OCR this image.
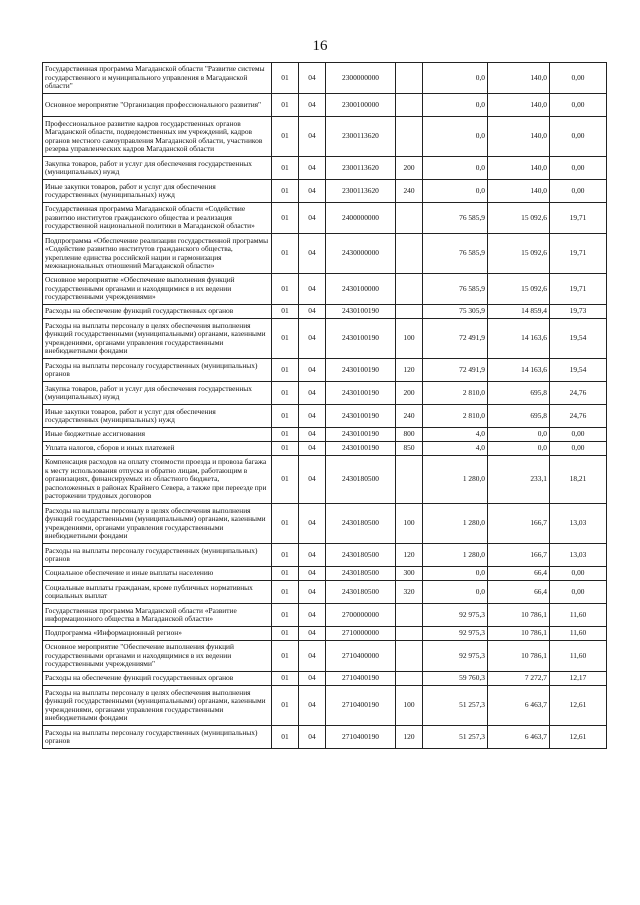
16
Государственная программа Магаданской области "Развитие системы государственного и муниципального управления в Магаданской области"	01	04	2300000000		0,0	140,0	0,00
Основное мероприятие "Организация профессионального развития"	01	04	2300100000		0,0	140,0	0,00
Профессиональное развитие кадров государственных органов Магаданской области, подведомственных им учреждений, кадров органов местного самоуправления Магаданской области, участников резерва управленческих кадров Магаданской области	01	04	2300113620		0,0	140,0	0,00
Закупка товаров, работ и услуг для обеспечения государственных (муниципальных) нужд	01	04	2300113620	200	0,0	140,0	0,00
Иные закупки товаров, работ и услуг для обеспечения государственных (муниципальных) нужд	01	04	2300113620	240	0,0	140,0	0,00
Государственная программа Магаданской области «Содействие развитию институтов гражданского общества и реализация государственной национальной политики в Магаданской области»	01	04	2400000000		76 585,9	15 092,6	19,71
Подпрограмма «Обеспечение реализации государственной программы «Содействие развитию институтов гражданского общества, укрепление единства российской нации и гармонизация межнациональных отношений Магаданской области»	01	04	2430000000		76 585,9	15 092,6	19,71
Основное мероприятие «Обеспечение выполнения функций государственными органами и находящимися в их ведении государственными учреждениями»	01	04	2430100000		76 585,9	15 092,6	19,71
Расходы на обеспечение функций государственных органов	01	04	2430100190		75 305,9	14 859,4	19,73
Расходы на выплаты персоналу в целях обеспечения выполнения функций государственными (муниципальными) органами, казенными учреждениями, органами управления государственными внебюджетными фондами	01	04	2430100190	100	72 491,9	14 163,6	19,54
Расходы на выплаты персоналу государственных (муниципальных) органов	01	04	2430100190	120	72 491,9	14 163,6	19,54
Закупка товаров, работ и услуг для обеспечения государственных (муниципальных) нужд	01	04	2430100190	200	2 810,0	695,8	24,76
Иные закупки товаров, работ и услуг для обеспечения государственных (муниципальных) нужд	01	04	2430100190	240	2 810,0	695,8	24,76
Иные бюджетные ассигнования	01	04	2430100190	800	4,0	0,0	0,00
Уплата налогов, сборов и иных платежей	01	04	2430100190	850	4,0	0,0	0,00
Компенсация расходов на оплату стоимости проезда и провоза багажа к месту использования отпуска и обратно лицам, работающим в организациях, финансируемых из областного бюджета, расположенных в районах Крайнего Севера, а также при переезде при расторжении трудовых договоров	01	04	2430180500		1 280,0	233,1	18,21
Расходы на выплаты персоналу в целях обеспечения выполнения функций государственными (муниципальными) органами, казенными учреждениями, органами управления государственными внебюджетными фондами	01	04	2430180500	100	1 280,0	166,7	13,03
Расходы на выплаты персоналу государственных (муниципальных) органов	01	04	2430180500	120	1 280,0	166,7	13,03
Социальное обеспечение и иные выплаты населению	01	04	2430180500	300	0,0	66,4	0,00
Социальные выплаты гражданам, кроме публичных нормативных социальных выплат	01	04	2430180500	320	0,0	66,4	0,00
Государственная программа Магаданской области «Развитие информационного общества в Магаданской области»	01	04	2700000000		92 975,3	10 786,1	11,60
Подпрограмма «Информационный регион»	01	04	2710000000		92 975,3	10 786,1	11,60
Основное мероприятие "Обеспечение выполнения функций государственными органами и находящимися в их ведении государственными учреждениями"	01	04	2710400000		92 975,3	10 786,1	11,60
Расходы на обеспечение функций государственных органов	01	04	2710400190		59 760,3	7 272,7	12,17
Расходы на выплаты персоналу в целях обеспечения выполнения функций государственными (муниципальными) органами, казенными учреждениями, органами управления государственными внебюджетными фондами	01	04	2710400190	100	51 257,3	6 463,7	12,61
Расходы на выплаты персоналу государственных (муниципальных) органов	01	04	2710400190	120	51 257,3	6 463,7	12,61
